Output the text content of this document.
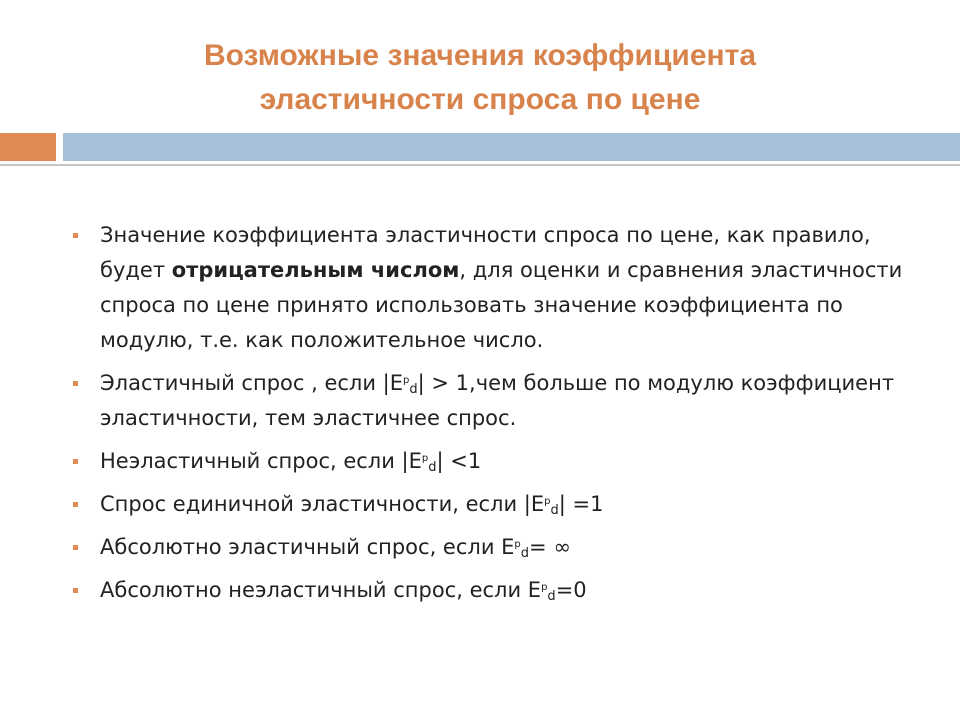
Возможные значения коэффициента
эластичности спроса по цене
Значение коэффициента эластичности спроса по цене, как правило, будет отрицательным числом, для оценки и сравнения эластичности спроса по цене принято использовать значение коэффициента по модулю, т.е. как положительное число.
Эластичный спрос , если $|E^p_d| > 1,чем$ больше по модулю коэффициент эластичности, тем эластичнее спрос.
Неэластичный спрос, если $|E^p_d| <1$
Спрос единичной эластичности, если $|E^p_d| =1$
Абсолютно эластичный спрос, если $E^p_d=$ ∞
Абсолютно неэластичный спрос, если $E^p_d=0$
